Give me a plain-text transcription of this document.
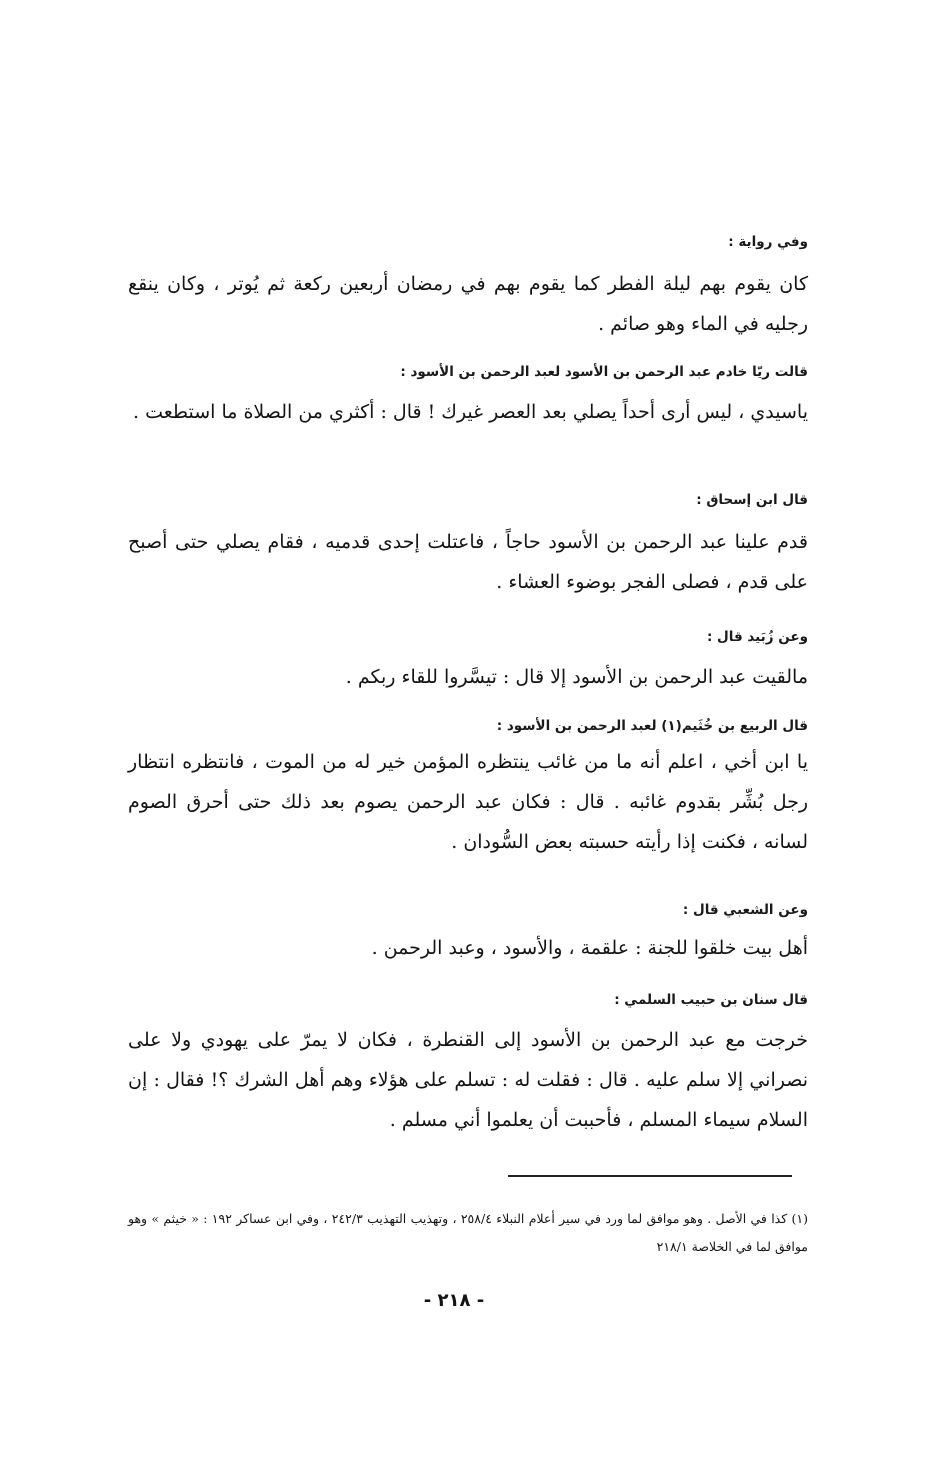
وفي رواية :
كان يقوم بهم ليلة الفطر كما يقوم بهم في رمضان أربعين ركعة ثم يُوتر ، وكان ينقع رجليه في الماء وهو صائم .
قالت ريّا خادم عبد الرحمن بن الأسود لعبد الرحمن بن الأسود :
ياسيدي ، ليس أرى أحداً يصلي بعد العصر غيرك ! قال : أكثري من الصلاة ما استطعت .
قال ابن إسحاق :
قدم علينا عبد الرحمن بن الأسود حاجاً ، فاعتلت إحدى قدميه ، فقام يصلي حتى أصبح على قدم ، فصلى الفجر بوضوء العشاء .
وعن زُبَيد قال :
مالقيت عبد الرحمن بن الأسود إلا قال : تيسَّروا للقاء ربكم .
قال الربيع بن خُثَيم(١) لعبد الرحمن بن الأسود :
يا ابن أخي ، اعلم أنه ما من غائب ينتظره المؤمن خير له من الموت ، فانتظره انتظار رجل بُشِّر بقدوم غائبه . قال : فكان عبد الرحمن يصوم بعد ذلك حتى أحرق الصوم لسانه ، فكنت إذا رأيته حسبته بعض السُّودان .
وعن الشعبي قال :
أهل بيت خلقوا للجنة : علقمة ، والأسود ، وعبد الرحمن .
قال سنان بن حبيب السلمي :
خرجت مع عبد الرحمن بن الأسود إلى القنطرة ، فكان لا يمرّ على يهودي ولا على نصراني إلا سلم عليه . قال : فقلت له : تسلم على هؤلاء وهم أهل الشرك ؟! فقال : إن السلام سيماء المسلم ، فأحببت أن يعلموا أني مسلم .
(١) كذا في الأصل . وهو موافق لما ورد في سير أعلام النبلاء ٢٥٨/٤ ، وتهذيب التهذيب ٢٤٢/٣ ، وفي ابن عساكر ١٩٢ : « خيثم » وهو موافق لما في الخلاصة ٢١٨/١
- ٢١٨ -
